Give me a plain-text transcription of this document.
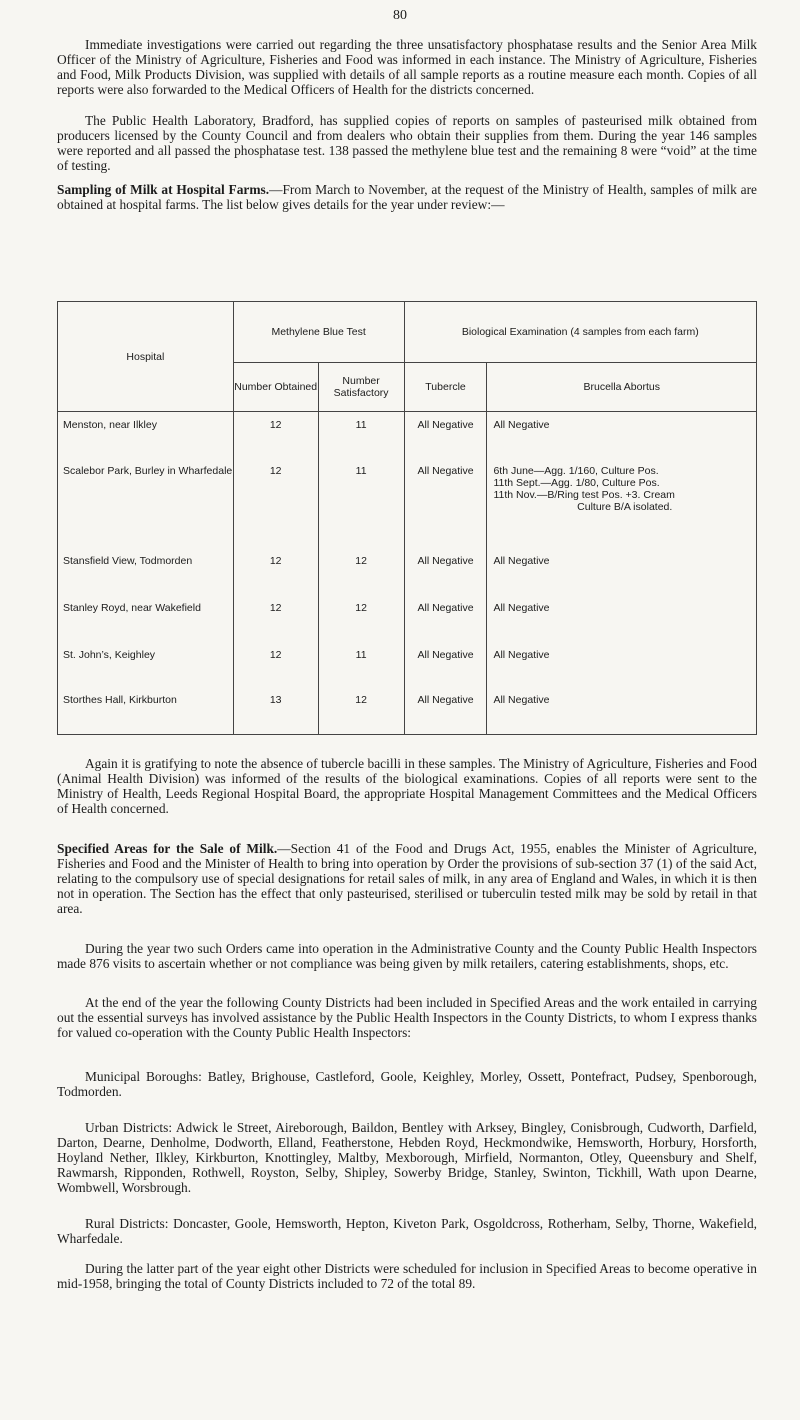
80

Immediate investigations were carried out regarding the three unsatisfactory phosphatase results and the Senior Area Milk Officer of the Ministry of Agriculture, Fisheries and Food was informed in each instance. The Ministry of Agriculture, Fisheries and Food, Milk Products Division, was supplied with details of all sample reports as a routine measure each month. Copies of all reports were also forwarded to the Medical Officers of Health for the districts concerned.

The Public Health Laboratory, Bradford, has supplied copies of reports on samples of pasteurised milk obtained from producers licensed by the County Council and from dealers who obtain their supplies from them. During the year 146 samples were reported and all passed the phosphatase test. 138 passed the methylene blue test and the remaining 8 were “void” at the time of testing.

Sampling of Milk at Hospital Farms.—From March to November, at the request of the Ministry of Health, samples of milk are obtained at hospital farms. The list below gives details for the year under review:—

Hospital	Methylene Blue Test		Biological Examination (4 samples from each farm)	
	Number Obtained	Number Satisfactory	Tubercle	Brucella Abortus
Menston, near Ilkley	12	11	All Negative	All Negative

Scalebor Park, Burley in Wharfedale	12	11	All Negative	6th June—Agg. 1/160, Culture Pos.
11th Sept.—Agg. 1/80, Culture Pos.
11th Nov.—B/Ring test Pos. +3. Cream
Culture B/A isolated.

Stansfield View, Todmorden	12	12	All Negative	All Negative

Stanley Royd, near Wakefield	12	12	All Negative	All Negative

St. John’s, Keighley	12	11	All Negative	All Negative

Storthes Hall, Kirkburton	13	12	All Negative	All Negative

Again it is gratifying to note the absence of tubercle bacilli in these samples. The Ministry of Agriculture, Fisheries and Food (Animal Health Division) was informed of the results of the biological examinations. Copies of all reports were sent to the Ministry of Health, Leeds Regional Hospital Board, the appropriate Hospital Management Committees and the Medical Officers of Health concerned.

Specified Areas for the Sale of Milk.—Section 41 of the Food and Drugs Act, 1955, enables the Minister of Agriculture, Fisheries and Food and the Minister of Health to bring into operation by Order the provisions of sub-section 37 (1) of the said Act, relating to the compulsory use of special designations for retail sales of milk, in any area of England and Wales, in which it is then not in operation. The Section has the effect that only pasteurised, sterilised or tuberculin tested milk may be sold by retail in that area.

During the year two such Orders came into operation in the Administrative County and the County Public Health Inspectors made 876 visits to ascertain whether or not compliance was being given by milk retailers, catering establishments, shops, etc.

At the end of the year the following County Districts had been included in Specified Areas and the work entailed in carrying out the essential surveys has involved assistance by the Public Health Inspectors in the County Districts, to whom I express thanks for valued co-operation with the County Public Health Inspectors:

Municipal Boroughs: Batley, Brighouse, Castleford, Goole, Keighley, Morley, Ossett, Pontefract, Pudsey, Spenborough, Todmorden.

Urban Districts: Adwick le Street, Aireborough, Baildon, Bentley with Arksey, Bingley, Conisbrough, Cudworth, Darfield, Darton, Dearne, Denholme, Dodworth, Elland, Featherstone, Hebden Royd, Heckmondwike, Hemsworth, Horbury, Horsforth, Hoyland Nether, Ilkley, Kirkburton, Knottingley, Maltby, Mexborough, Mirfield, Normanton, Otley, Queensbury and Shelf, Rawmarsh, Ripponden, Rothwell, Royston, Selby, Shipley, Sowerby Bridge, Stanley, Swinton, Tickhill, Wath upon Dearne, Wombwell, Worsbrough.

Rural Districts: Doncaster, Goole, Hemsworth, Hepton, Kiveton Park, Osgoldcross, Rotherham, Selby, Thorne, Wakefield, Wharfedale.

During the latter part of the year eight other Districts were scheduled for inclusion in Specified Areas to become operative in mid-1958, bringing the total of County Districts included to 72 of the total 89.
